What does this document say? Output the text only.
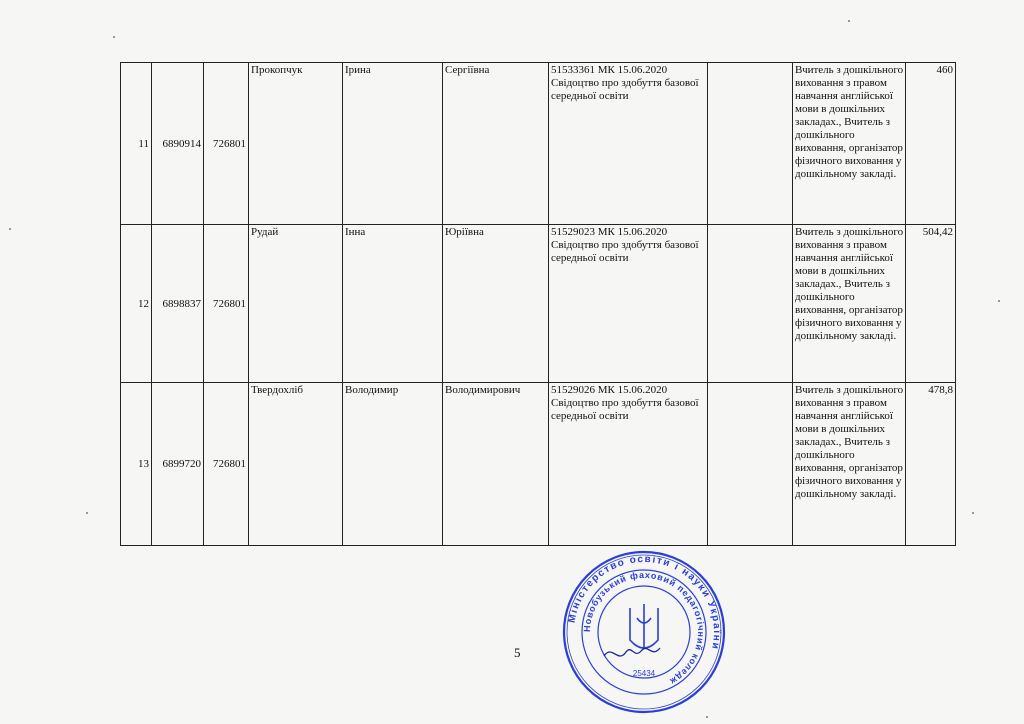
11	6890914	726801	Прокопчук	Ірина	Сергіївна	51533361 МК 15.06.2020 Свідоцтво про здобуття базової середньої освіти		Вчитель з дошкільного виховання з правом навчання англійської мови в дошкільних закладах., Вчитель з дошкільного виховання, організатор фізичного виховання у дошкільному закладі.	460
12	6898837	726801	Рудай	Інна	Юріївна	51529023 МК 15.06.2020 Свідоцтво про здобуття базової середньої освіти		Вчитель з дошкільного виховання з правом навчання англійської мови в дошкільних закладах., Вчитель з дошкільного виховання, організатор фізичного виховання у дошкільному закладі.	504,42
13	6899720	726801	Твердохліб	Володимир	Володимирович	51529026 МК 15.06.2020 Свідоцтво про здобуття базової середньої освіти		Вчитель з дошкільного виховання з правом навчання англійської мови в дошкільних закладах., Вчитель з дошкільного виховання, організатор фізичного виховання у дошкільному закладі.	478,8
5
Міністерство освіти і науки України
Новобузький фаховий педагогічний коледж
25434
